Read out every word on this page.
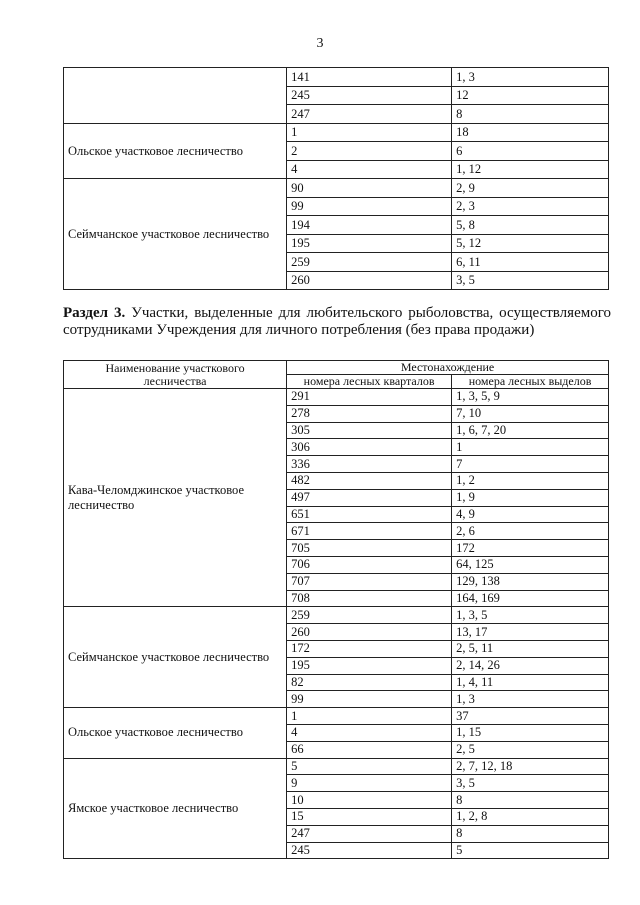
3
	141	1, 3
	245	12
	247	8
Ольское участковое лесничество	1	18
	2	6
	4	1, 12
Сеймчанское участковое лесничество	90	2, 9
	99	2, 3
	194	5, 8
	195	5, 12
	259	6, 11
	260	3, 5
Раздел 3. Участки, выделенные для любительского рыболовства, осуществляемого сотрудниками Учреждения для личного потребления (без права продажи)
Наименование участкового лесничества	Местонахождение	
	номера лесных кварталов	номера лесных выделов
Кава-Челомджинское участковое лесничество	291	1, 3, 5, 9
	278	7, 10
	305	1, 6, 7, 20
	306	1
	336	7
	482	1, 2
	497	1, 9
	651	4, 9
	671	2, 6
	705	172
	706	64, 125
	707	129, 138
	708	164, 169
Сеймчанское участковое лесничество	259	1, 3, 5
	260	13, 17
	172	2, 5, 11
	195	2, 14, 26
	82	1, 4, 11
	99	1, 3
Ольское участковое лесничество	1	37
	4	1, 15
	66	2, 5
Ямское участковое лесничество	5	2, 7, 12, 18
	9	3, 5
	10	8
	15	1, 2, 8
	247	8
	245	5
